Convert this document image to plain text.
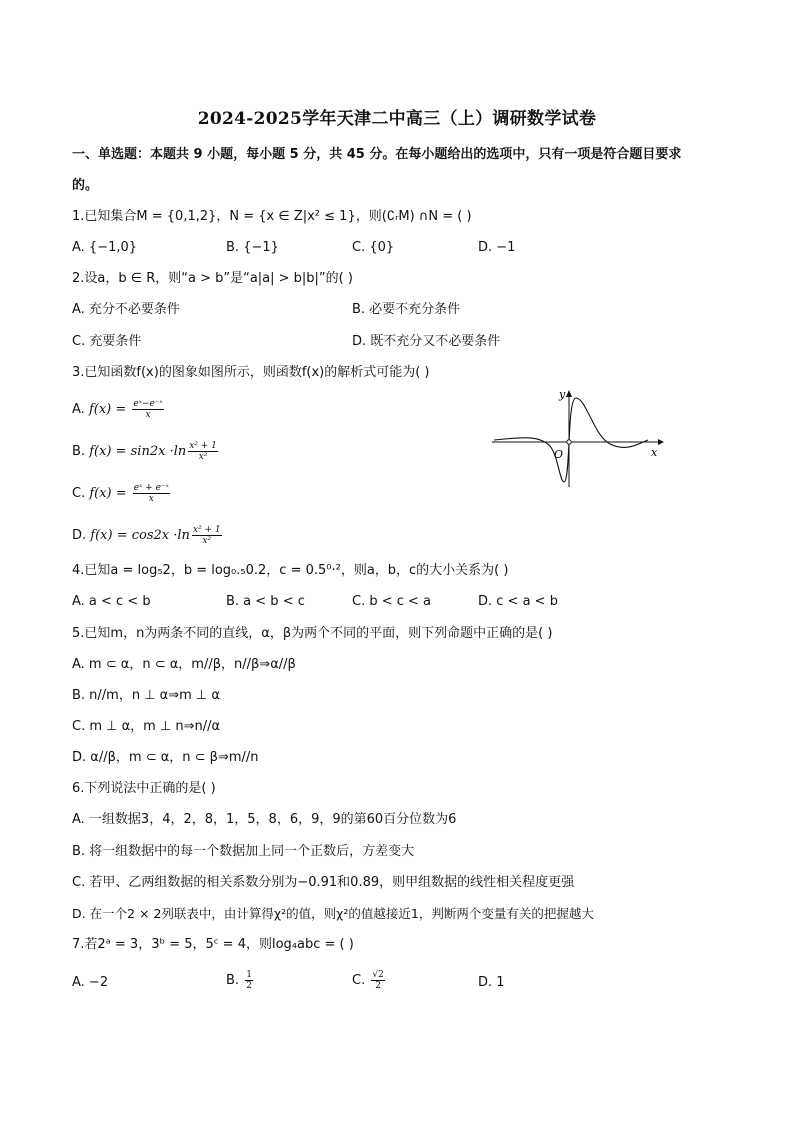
2024-2025学年天津二中高三（上）调研数学试卷
一、单选题：本题共 9 小题，每小题 5 分，共 45 分。在每小题给出的选项中，只有一项是符合题目要求
的。
1.已知集合M = {0,1,2}，N = {x ∈ Z|x² ≤ 1}，则(∁ᵣM) ∩N = ( )
A. {−1,0}	B. {−1}	C. {0}	D. −1
2.设a，b ∈ R，则“a > b”是“a|a| > b|b|”的( )
A. 充分不必要条件	B. 必要不充分条件
C. 充要条件	D. 既不充分又不必要条件
3.已知函数f(x)的图象如图所示，则函数f(x)的解析式可能为( )
A. $f(x) = \frac{\text{eˣ−e⁻ˣ}}{x}$
B. $f(x) = \sin 2x \cdot\ln \frac{\text{x² + 1}}{\text{x²}}$
C. $f(x) = \frac{\text{eˣ + e⁻ˣ}}{x}$
D. $f(x) = \cos 2x \cdot\ln \frac{\text{x² + 1}}{\text{x²}}$
O
y
x
4.已知a = log₅2，b = log₀.₅0.2，c = 0.5⁰·²，则a，b，c的大小关系为( )
A. a < c < b	B. a < b < c	C. b < c < a	D. c < a < b
5.已知m，n为两条不同的直线，α，β为两个不同的平面，则下列命题中正确的是( )
A. m ⊂ α，n ⊂ α，m//β，n//β⇒α//β
B. n//m，n ⊥ α⇒m ⊥ α
C. m ⊥ α，m ⊥ n⇒n//α
D. α//β，m ⊂ α，n ⊂ β⇒m//n
6.下列说法中正确的是( )
A. 一组数据3，4，2，8，1，5，8，6，9，9的第60百分位数为6
B. 将一组数据中的每一个数据加上同一个正数后，方差变大
C. 若甲、乙两组数据的相关系数分别为−0.91和0.89，则甲组数据的线性相关程度更强
D. 在一个2 × 2列联表中，由计算得χ²的值，则χ²的值越接近1，判断两个变量有关的把握越大
7.若2ᵃ = 3，3ᵇ = 5，5ᶜ = 4，则log₄abc = ( )
A. −2	B. $\frac{1}{2}$	C. $\frac{√2}{2}$	D. 1
